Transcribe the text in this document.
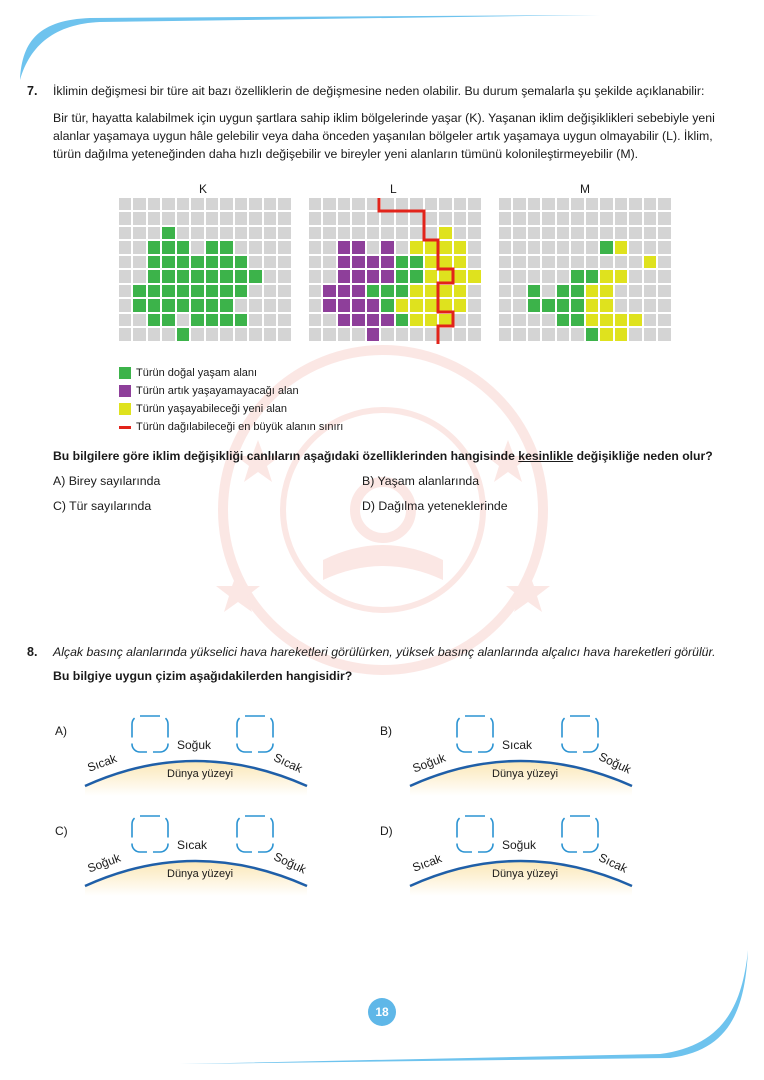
7. İklimin değişmesi bir türe ait bazı özelliklerin de değişmesine neden olabilir. Bu durum şemalarla şu şekilde açıklanabilir:
Bir tür, hayatta kalabilmek için uygun şartlara sahip iklim bölgelerinde yaşar (K). Yaşanan iklim değişiklikleri sebebiyle yeni
alanlar yaşamaya uygun hâle gelebilir veya daha önceden yaşanılan bölgeler artık yaşamaya uygun olmayabilir (L). İklim,
türün dağılma yeteneğinden daha hızlı değişebilir ve bireyler yeni alanların tümünü kolonileştirmeyebilir (M).
K	L	M
Türün doğal yaşam alanı
Türün artık yaşayamayacağı alan
Türün yaşayabileceği yeni alan
Türün dağılabileceği en büyük alanın sınırı
Bu bilgilere göre iklim değişikliği canlıların aşağıdaki özelliklerinden hangisinde kesinlikle değişikliğe neden olur?
A) Birey sayılarında	B) Yaşam alanlarında
C) Tür sayılarında	D) Dağılma yeteneklerinde
8. Alçak basınç alanlarında yükselici hava hareketleri görülürken, yüksek basınç alanlarında alçalıcı hava hareketleri görülür.
Bu bilgiye uygun çizim aşağıdakilerden hangisidir?
A)
Sıcak
Soğuk
Sıcak
Dünya yüzeyi
B)
Soğuk
Sıcak
Soğuk
Dünya yüzeyi
C)
Soğuk
Sıcak
Soğuk
Dünya yüzeyi
D)
Sıcak
Soğuk
Sıcak
Dünya yüzeyi
18
